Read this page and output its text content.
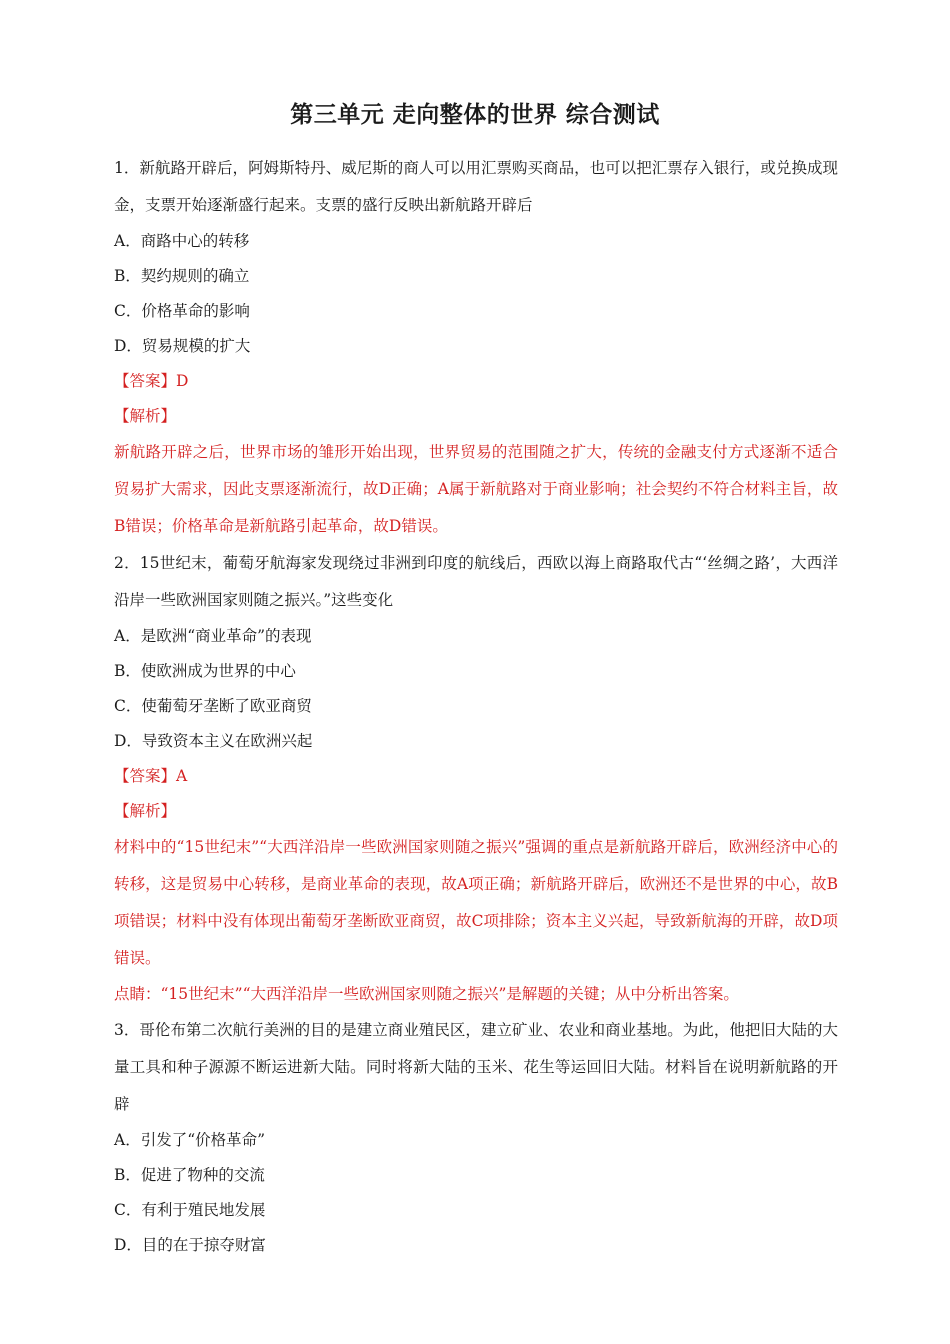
第三单元 走向整体的世界 综合测试

1．新航路开辟后，阿姆斯特丹、威尼斯的商人可以用汇票购买商品，也可以把汇票存入银行，或兑换成现金，支票开始逐渐盛行起来。支票的盛行反映出新航路开辟后

A．商路中心的转移

B．契约规则的确立

C．价格革命的影响

D．贸易规模的扩大

【答案】D

【解析】

新航路开辟之后，世界市场的雏形开始出现，世界贸易的范围随之扩大，传统的金融支付方式逐渐不适合贸易扩大需求，因此支票逐渐流行，故D正确；A属于新航路对于商业影响；社会契约不符合材料主旨，故B错误；价格革命是新航路引起革命，故D错误。

2．15世纪末，葡萄牙航海家发现绕过非洲到印度的航线后，西欧以海上商路取代古“‘丝绸之路’，大西洋沿岸一些欧洲国家则随之振兴。”这些变化

A．是欧洲“商业革命”的表现

B．使欧洲成为世界的中心

C．使葡萄牙垄断了欧亚商贸

D．导致资本主义在欧洲兴起

【答案】A

【解析】

材料中的“15世纪末”“大西洋沿岸一些欧洲国家则随之振兴”强调的重点是新航路开辟后，欧洲经济中心的转移，这是贸易中心转移，是商业革命的表现，故A项正确；新航路开辟后，欧洲还不是世界的中心，故B项错误；材料中没有体现出葡萄牙垄断欧亚商贸，故C项排除；资本主义兴起，导致新航海的开辟，故D项错误。

点睛：“15世纪末”“大西洋沿岸一些欧洲国家则随之振兴”是解题的关键；从中分析出答案。

3．哥伦布第二次航行美洲的目的是建立商业殖民区，建立矿业、农业和商业基地。为此，他把旧大陆的大量工具和种子源源不断运进新大陆。同时将新大陆的玉米、花生等运回旧大陆。材料旨在说明新航路的开辟

A．引发了“价格革命”

B．促进了物种的交流

C．有利于殖民地发展

D．目的在于掠夺财富
